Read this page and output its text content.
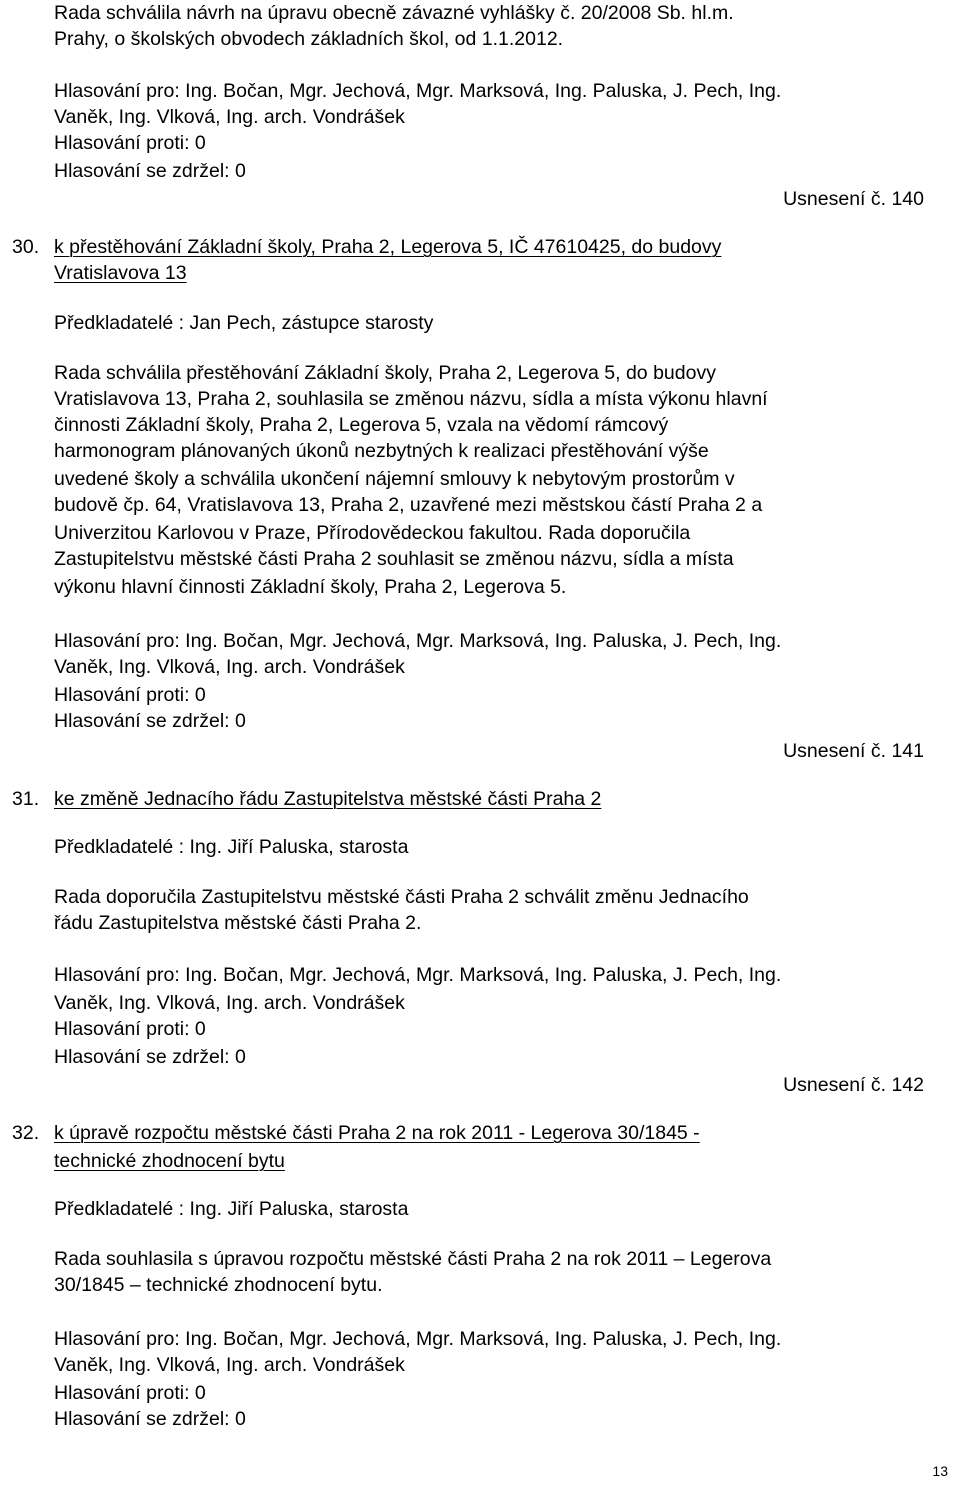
Rada schválila návrh na úpravu obecně závazné vyhlášky č. 20/2008 Sb. hl.m.
Prahy, o školských obvodech základních škol, od 1.1.2012.
Hlasování pro: Ing. Bočan, Mgr. Jechová, Mgr. Marksová, Ing. Paluska, J. Pech, Ing.
Vaněk, Ing. Vlková, Ing. arch. Vondrášek
Hlasování proti: 0
Hlasování se zdržel: 0
Usnesení č. 140
30. k přestěhování Základní školy, Praha 2, Legerova 5, IČ 47610425, do budovy
Vratislavova 13
Předkladatelé : Jan Pech, zástupce starosty
Rada schválila přestěhování Základní školy, Praha 2, Legerova 5, do budovy
Vratislavova 13, Praha 2, souhlasila se změnou názvu, sídla a místa výkonu hlavní
činnosti Základní školy, Praha 2, Legerova 5, vzala na vědomí rámcový
harmonogram plánovaných úkonů nezbytných k realizaci přestěhování výše
uvedené školy a schválila ukončení nájemní smlouvy k nebytovým prostorům v
budově čp. 64, Vratislavova 13, Praha 2, uzavřené mezi městskou částí Praha 2 a
Univerzitou Karlovou v Praze, Přírodovědeckou fakultou. Rada doporučila
Zastupitelstvu městské části Praha 2 souhlasit se změnou názvu, sídla a místa
výkonu hlavní činnosti Základní školy, Praha 2, Legerova 5.
Hlasování pro: Ing. Bočan, Mgr. Jechová, Mgr. Marksová, Ing. Paluska, J. Pech, Ing.
Vaněk, Ing. Vlková, Ing. arch. Vondrášek
Hlasování proti: 0
Hlasování se zdržel: 0
Usnesení č. 141
31. ke změně Jednacího řádu Zastupitelstva městské části Praha 2
Předkladatelé : Ing. Jiří Paluska, starosta
Rada doporučila Zastupitelstvu městské části Praha 2 schválit změnu Jednacího
řádu Zastupitelstva městské části Praha 2.
Hlasování pro: Ing. Bočan, Mgr. Jechová, Mgr. Marksová, Ing. Paluska, J. Pech, Ing.
Vaněk, Ing. Vlková, Ing. arch. Vondrášek
Hlasování proti: 0
Hlasování se zdržel: 0
Usnesení č. 142
32. k úpravě rozpočtu městské části Praha 2 na rok 2011 - Legerova 30/1845 -
technické zhodnocení bytu
Předkladatelé : Ing. Jiří Paluska, starosta
Rada souhlasila s úpravou rozpočtu městské části Praha 2 na rok 2011 – Legerova
30/1845 – technické zhodnocení bytu.
Hlasování pro: Ing. Bočan, Mgr. Jechová, Mgr. Marksová, Ing. Paluska, J. Pech, Ing.
Vaněk, Ing. Vlková, Ing. arch. Vondrášek
Hlasování proti: 0
Hlasování se zdržel: 0
13
